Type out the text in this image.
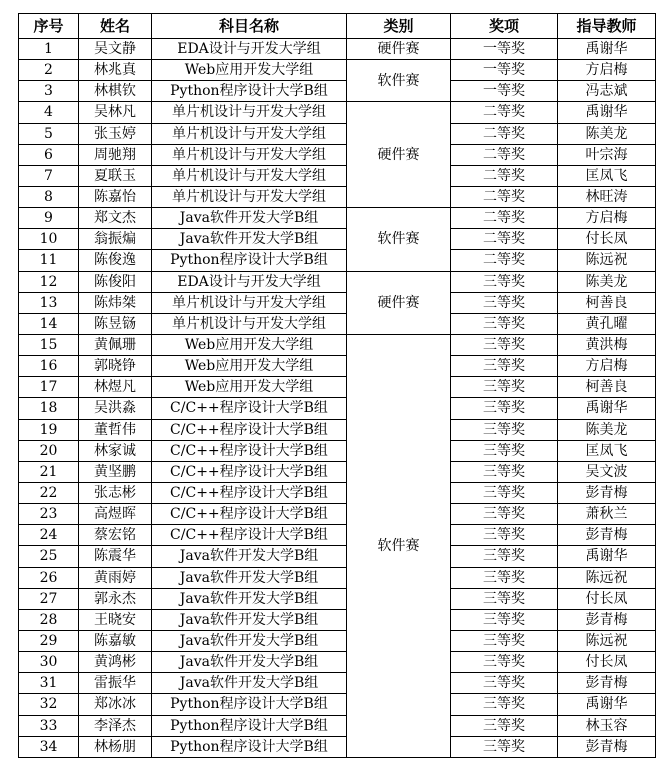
序号	姓名	科目名称	类别	奖项	指导教师
1	吴文静	EDA设计与开发大学组	硬件赛	一等奖	禹谢华
2	林兆真	Web应用开发大学组	软件赛	一等奖	方启梅
3	林棋钦	Python程序设计大学B组		一等奖	冯志斌
4	吴林凡	单片机设计与开发大学组	硬件赛	二等奖	禹谢华
5	张玉婷	单片机设计与开发大学组		二等奖	陈美龙
6	周驰翔	单片机设计与开发大学组		二等奖	叶宗海
7	夏联玉	单片机设计与开发大学组		二等奖	匡凤飞
8	陈嘉怡	单片机设计与开发大学组		二等奖	林旺涛
9	郑文杰	Java软件开发大学B组	软件赛	二等奖	方启梅
10	翁振煸	Java软件开发大学B组		二等奖	付长凤
11	陈俊逸	Python程序设计大学B组		二等奖	陈远祝
12	陈俊阳	EDA设计与开发大学组	硬件赛	三等奖	陈美龙
13	陈炜桀	单片机设计与开发大学组		三等奖	柯善良
14	陈昱铴	单片机设计与开发大学组		三等奖	黄孔曜
15	黄佩珊	Web应用开发大学组	软件赛	三等奖	黄洪梅
16	郭晓铮	Web应用开发大学组		三等奖	方启梅
17	林煜凡	Web应用开发大学组		三等奖	柯善良
18	吴洪淼	C/C++程序设计大学B组		三等奖	禹谢华
19	董哲伟	C/C++程序设计大学B组		三等奖	陈美龙
20	林家诚	C/C++程序设计大学B组		三等奖	匡凤飞
21	黄坚鹏	C/C++程序设计大学B组		三等奖	吴文波
22	张志彬	C/C++程序设计大学B组		三等奖	彭青梅
23	高煜晖	C/C++程序设计大学B组		三等奖	萧秋兰
24	蔡宏铭	C/C++程序设计大学B组		三等奖	彭青梅
25	陈震华	Java软件开发大学B组		三等奖	禹谢华
26	黄雨婷	Java软件开发大学B组		三等奖	陈远祝
27	郭永杰	Java软件开发大学B组		三等奖	付长凤
28	王晓安	Java软件开发大学B组		三等奖	彭青梅
29	陈嘉敏	Java软件开发大学B组		三等奖	陈远祝
30	黄鸿彬	Java软件开发大学B组		三等奖	付长凤
31	雷振华	Java软件开发大学B组		三等奖	彭青梅
32	郑冰冰	Python程序设计大学B组		三等奖	禹谢华
33	李泽杰	Python程序设计大学B组		三等奖	林玉容
34	林杨朋	Python程序设计大学B组		三等奖	彭青梅
